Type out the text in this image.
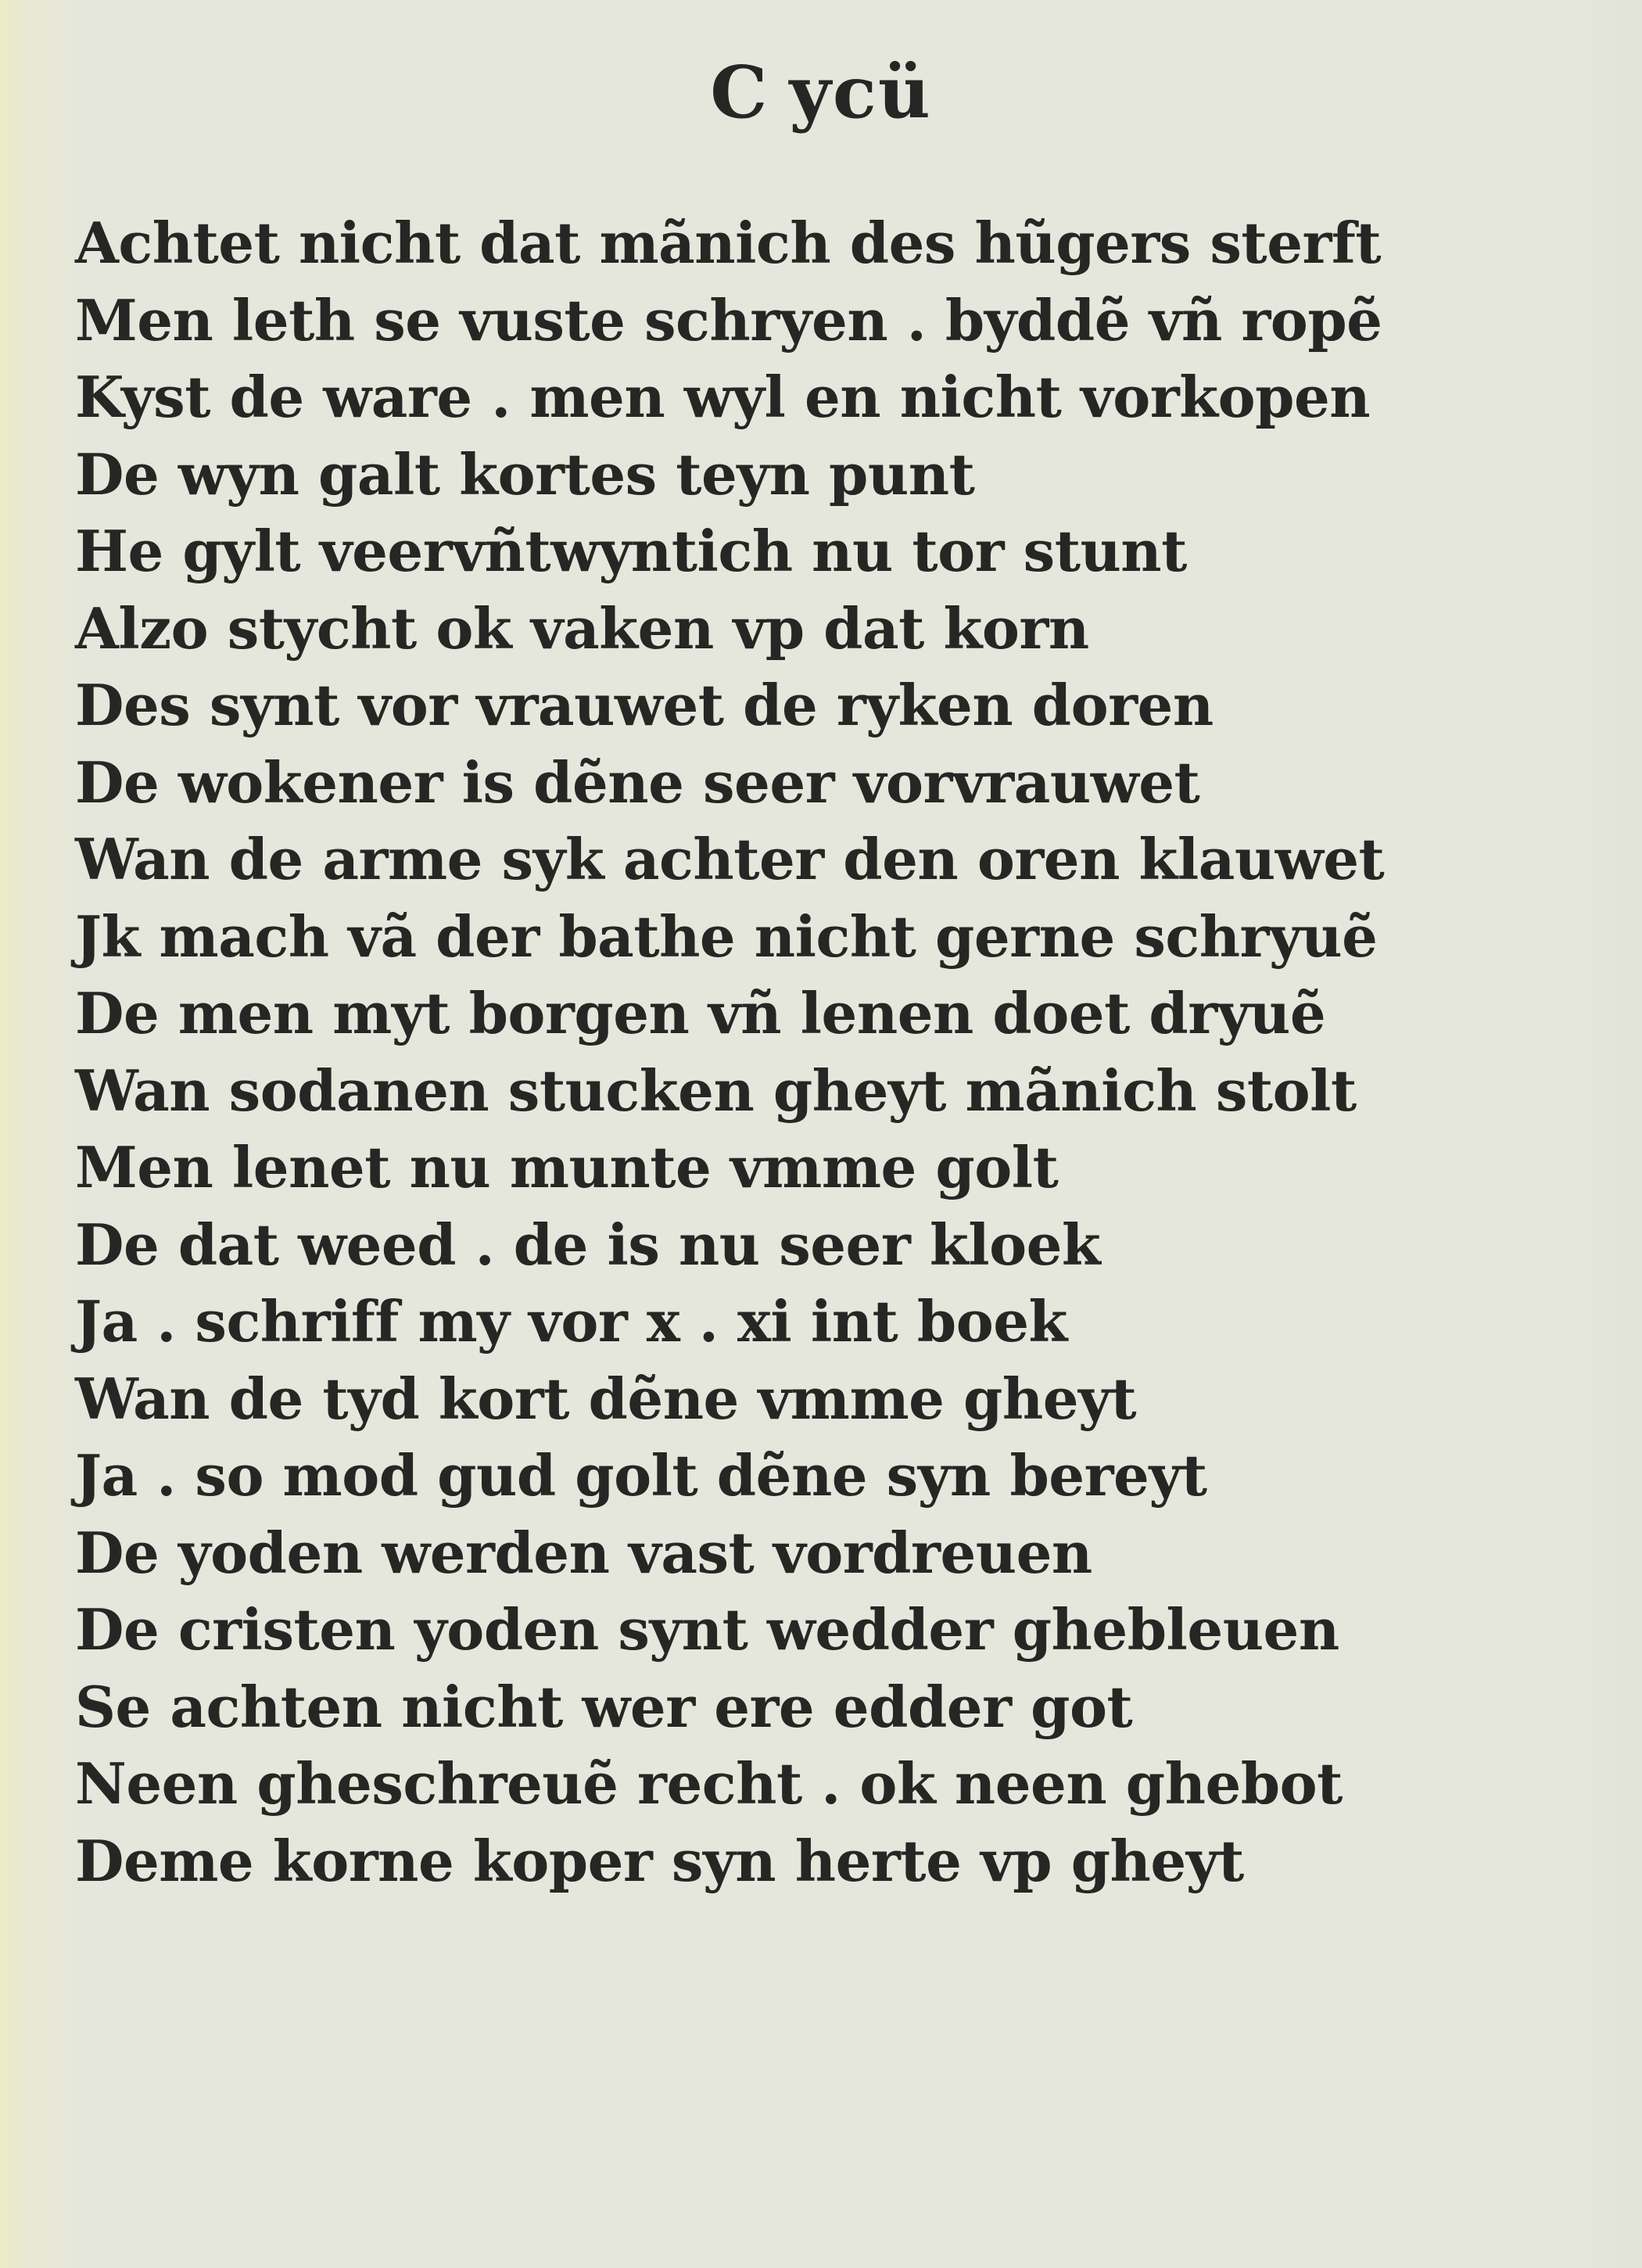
C ycü
Achtet nicht dat mãnich des hũgers sterft
Men leth se vuste schryen . byddẽ vñ ropẽ
Kyst de ware . men wyl en nicht vorkopen
De wyn galt kortes teyn punt
He gylt veervñtwyntich nu tor stunt
Alzo stycht ok vaken vp dat korn
Des synt vor vrauwet de ryken doren
De wokener is dẽne seer vorvrauwet
Wan de arme syk achter den oren klauwet
Jk mach vã der bathe nicht gerne schryuẽ
De men myt borgen vñ lenen doet dryuẽ
Wan sodanen stucken gheyt mãnich stolt
Men lenet nu munte vmme golt
De dat weed . de is nu seer kloek
Ja . schriff my vor x . xi int boek
Wan de tyd kort dẽne vmme gheyt
Ja . so mod gud golt dẽne syn bereyt
De yoden werden vast vordreuen
De cristen yoden synt wedder ghebleuen
Se achten nicht wer ere edder got
Neen gheschreuẽ recht . ok neen ghebot
Deme korne koper syn herte vp gheyt
